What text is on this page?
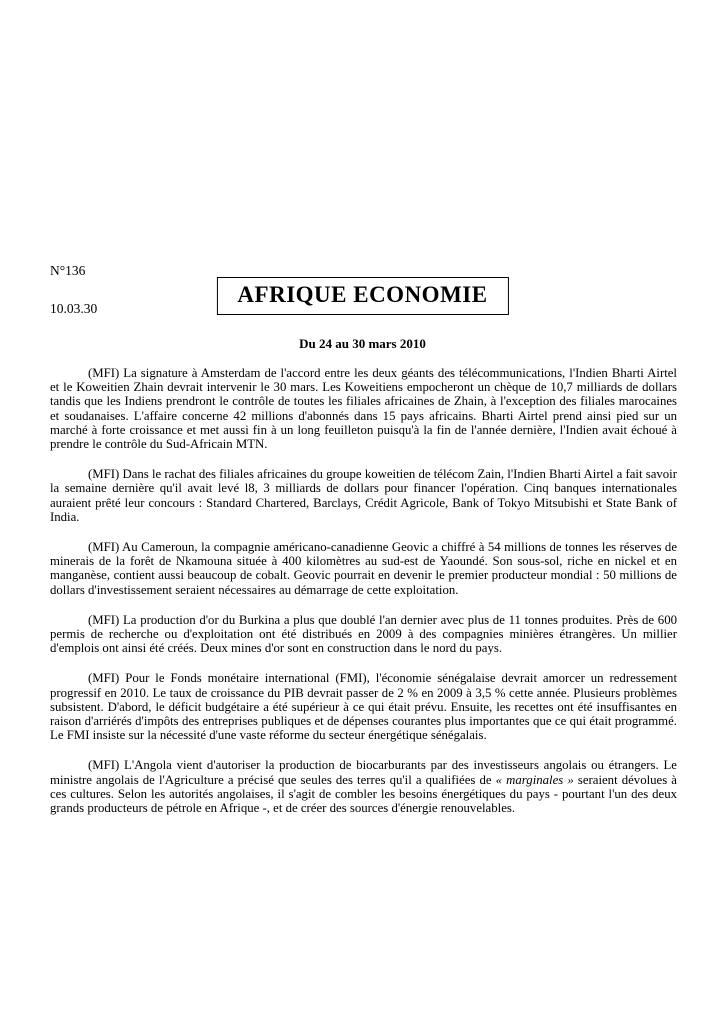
N°136
10.03.30
AFRIQUE ECONOMIE
Du 24 au 30 mars 2010

(MFI) La signature à Amsterdam de l'accord entre les deux géants des télécommunications, l'Indien Bharti Airtel et le Koweitien Zhain devrait intervenir le 30 mars. Les Koweitiens empocheront un chèque de 10,7 milliards de dollars tandis que les Indiens prendront le contrôle de toutes les filiales africaines de Zhain, à l'exception des filiales marocaines et soudanaises. L'affaire concerne 42 millions d'abonnés dans 15 pays africains. Bharti Airtel prend ainsi pied sur un marché à forte croissance et met aussi fin à un long feuilleton puisqu'à la fin de l'année dernière, l'Indien avait échoué à prendre le contrôle du Sud-Africain MTN.

(MFI) Dans le rachat des filiales africaines du groupe koweitien de télécom Zain, l'Indien Bharti Airtel a fait savoir la semaine dernière qu'il avait levé l8, 3 milliards de dollars pour financer l'opération. Cinq banques internationales auraient prêté leur concours : Standard Chartered, Barclays, Crédit Agricole, Bank of Tokyo Mitsubishi et State Bank of India.

(MFI) Au Cameroun, la compagnie américano-canadienne Geovic a chiffré à 54 millions de tonnes les réserves de minerais de la forêt de Nkamouna située à 400 kilomètres au sud-est de Yaoundé. Son sous-sol, riche en nickel et en manganèse, contient aussi beaucoup de cobalt. Geovic pourrait en devenir le premier producteur mondial : 50 millions de dollars d'investissement seraient nécessaires au démarrage de cette exploitation.

(MFI) La production d'or du Burkina a plus que doublé l'an dernier avec plus de 11 tonnes produites. Près de 600 permis de recherche ou d'exploitation ont été distribués en 2009 à des compagnies minières étrangères. Un millier d'emplois ont ainsi été créés. Deux mines d'or sont en construction dans le nord du pays.

(MFI) Pour le Fonds monétaire international (FMI), l'économie sénégalaise devrait amorcer un redressement progressif en 2010. Le taux de croissance du PIB devrait passer de 2 % en 2009 à 3,5 % cette année. Plusieurs problèmes subsistent. D'abord, le déficit budgétaire a été supérieur à ce qui était prévu. Ensuite, les recettes ont été insuffisantes en raison d'arriérés d'impôts des entreprises publiques et de dépenses courantes plus importantes que ce qui était programmé. Le FMI insiste sur la nécessité d'une vaste réforme du secteur énergétique sénégalais.

(MFI) L'Angola vient d'autoriser la production de biocarburants par des investisseurs angolais ou étrangers. Le ministre angolais de l'Agriculture a précisé que seules des terres qu'il a qualifiées de « marginales » seraient dévolues à ces cultures. Selon les autorités angolaises, il s'agit de combler les besoins énergétiques du pays - pourtant l'un des deux grands producteurs de pétrole en Afrique -, et de créer des sources d'énergie renouvelables.
